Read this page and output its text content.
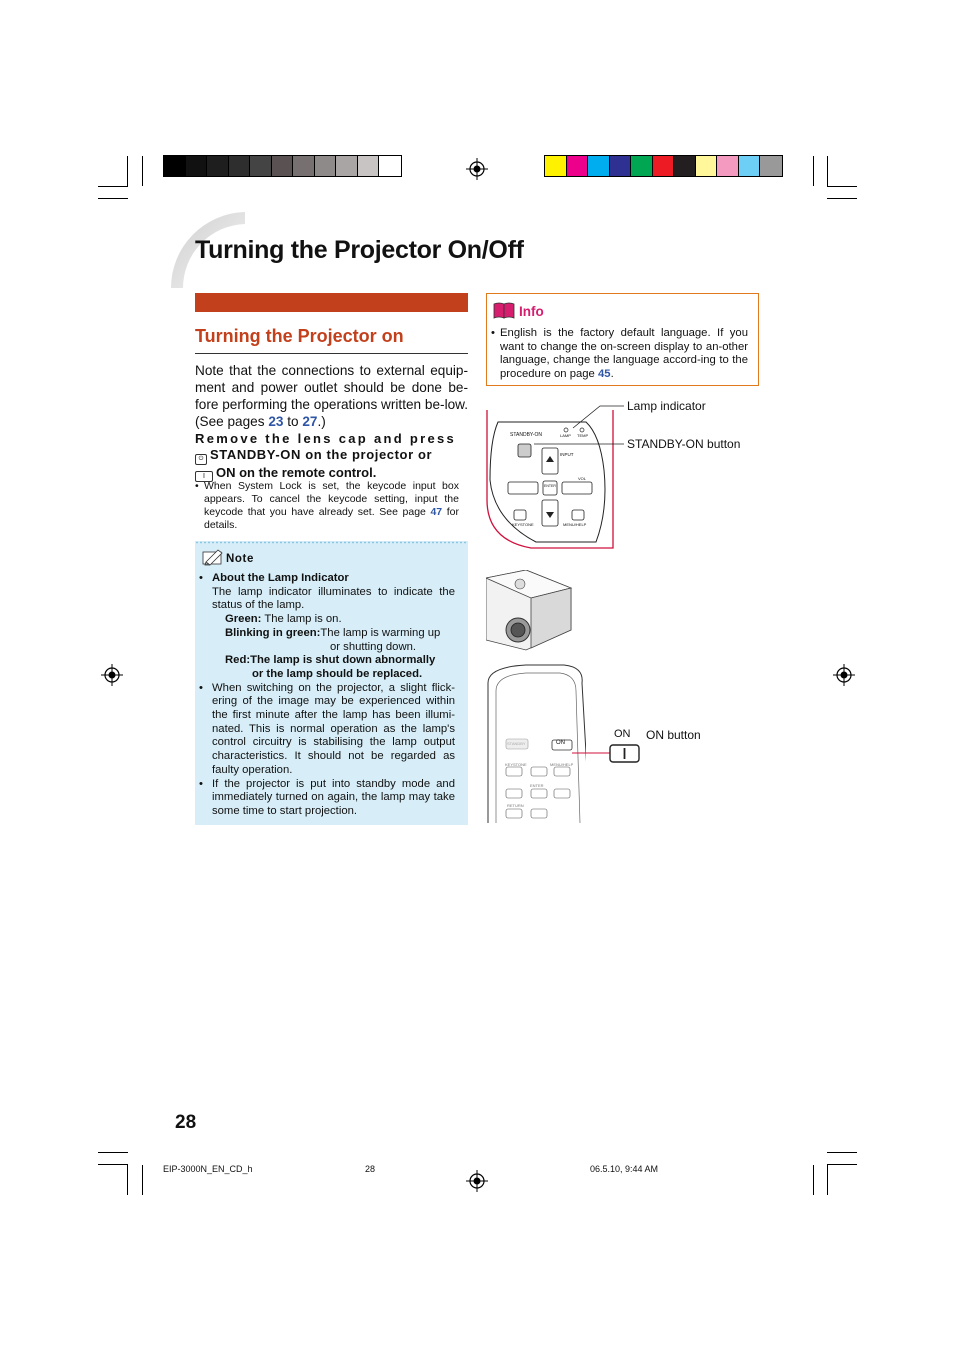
Turning the Projector On/Off
Turning the Projector on
Note that the connections to external equip-ment and power outlet should be done be-fore performing the operations written be-low. (See pages 23 to 27.)
Remove the lens cap and press
⏻ STANDBY-ON on the projector or
I ON on the remote control.
• When System Lock is set, the keycode input box appears. To cancel the keycode setting, input the keycode that you have already set. See page 47 for details.
Note
• About the Lamp Indicator
The lamp indicator illuminates to indicate the status of the lamp.
Green: The lamp is on.
Blinking in green:The lamp is warming up
or shutting down.
Red:The lamp is shut down abnormally
or the lamp should be replaced.
• When switching on the projector, a slight flick-ering of the image may be experienced within the first minute after the lamp has been illumi-nated. This is normal operation as the lamp's control circuitry is stabilising the lamp output characteristics. It should not be regarded as faulty operation.
• If the projector is put into standby mode and immediately turned on again, the lamp may take some time to start projection.
Info
• English is the factory default language. If you want to change the on-screen display to an-other language, change the language accord-ing to the procedure on page 45.
STANDBY-ON	LAMP TEMP
INPUT
VOL
ENTER
KEYSTONE	MENU/HELP
Lamp indicator
STANDBY-ON button
STANDBY	ON
KEYSTONE	MENU/HELP
ENTER
RETURN
ON ON button
28
EIP-3000N_EN_CD_h	28	06.5.10, 9:44 AM
